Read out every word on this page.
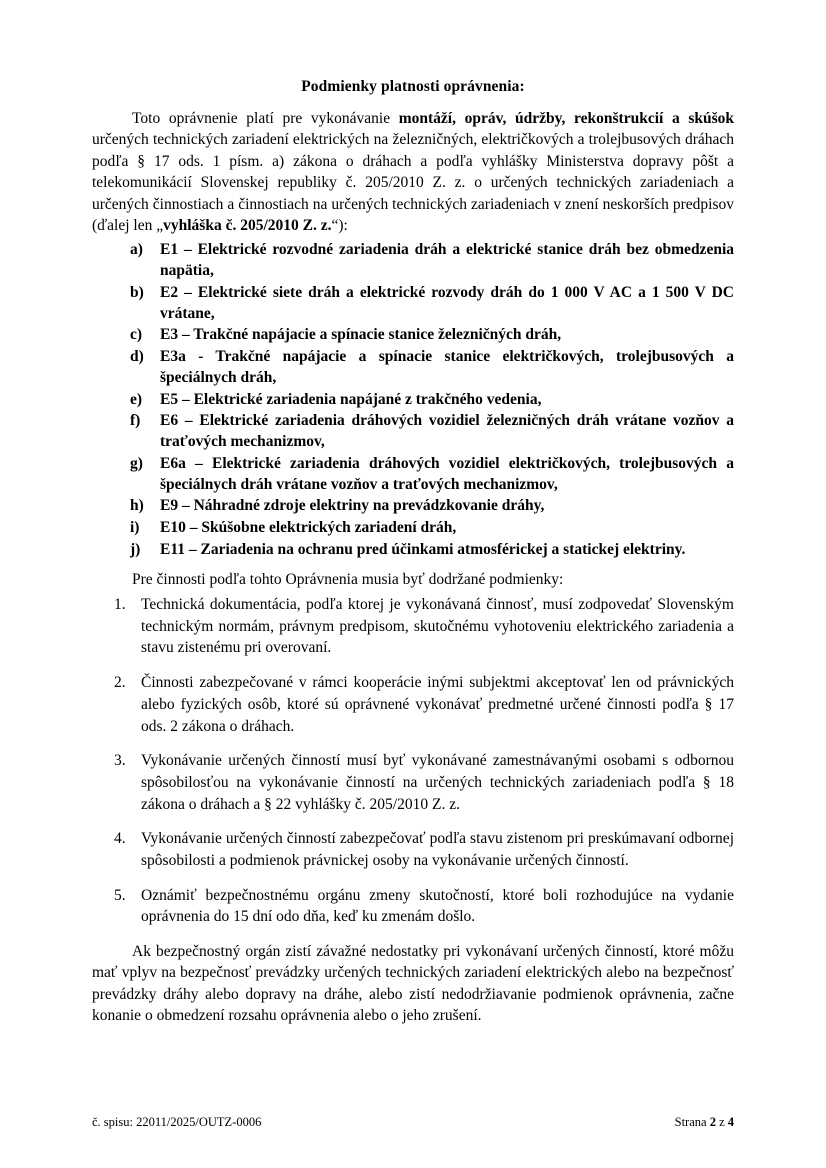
Podmienky platnosti oprávnenia:

Toto oprávnenie platí pre vykonávanie montáží, opráv, údržby, rekonštrukcií a skúšok určených technických zariadení elektrických na železničných, električkových a trolejbusových dráhach podľa § 17 ods. 1 písm. a) zákona o dráhach a podľa vyhlášky Ministerstva dopravy pôšt a telekomunikácií Slovenskej republiky č. 205/2010 Z. z. o určených technických zariadeniach a určených činnostiach a činnostiach na určených technických zariadeniach v znení neskorších predpisov (ďalej len „vyhláška č. 205/2010 Z. z.“):

a)	E1 – Elektrické rozvodné zariadenia dráh a elektrické stanice dráh bez obmedzenia napätia,
b)	E2 – Elektrické siete dráh a elektrické rozvody dráh do 1 000 V AC a 1 500 V DC vrátane,
c)	E3 – Trakčné napájacie a spínacie stanice železničných dráh,
d)	E3a - Trakčné napájacie a spínacie stanice električkových, trolejbusových a špeciálnych dráh,
e)	E5 – Elektrické zariadenia napájané z trakčného vedenia,
f)	E6 – Elektrické zariadenia dráhových vozidiel železničných dráh vrátane vozňov a traťových mechanizmov,
g)	E6a – Elektrické zariadenia dráhových vozidiel električkových, trolejbusových a špeciálnych dráh vrátane vozňov a traťových mechanizmov,
h)	E9 – Náhradné zdroje elektriny na prevádzkovanie dráhy,
i)	E10 – Skúšobne elektrických zariadení dráh,
j)	E11 – Zariadenia na ochranu pred účinkami atmosférickej a statickej elektriny.

Pre činnosti podľa tohto Oprávnenia musia byť dodržané podmienky:

1. Technická dokumentácia, podľa ktorej je vykonávaná činnosť, musí zodpovedať Slovenským technickým normám, právnym predpisom, skutočnému vyhotoveniu elektrického zariadenia a stavu zistenému pri overovaní.
2. Činnosti zabezpečované v rámci kooperácie inými subjektmi akceptovať len od právnických alebo fyzických osôb, ktoré sú oprávnené vykonávať predmetné určené činnosti podľa § 17 ods. 2 zákona o dráhach.
3. Vykonávanie určených činností musí byť vykonávané zamestnávanými osobami s odbornou spôsobilosťou na vykonávanie činností na určených technických zariadeniach podľa § 18 zákona o dráhach a § 22 vyhlášky č. 205/2010 Z. z.
4. Vykonávanie určených činností zabezpečovať podľa stavu zistenom pri preskúmavaní odbornej spôsobilosti a podmienok právnickej osoby na vykonávanie určených činností.
5. Oznámiť bezpečnostnému orgánu zmeny skutočností, ktoré boli rozhodujúce na vydanie oprávnenia do 15 dní odo dňa, keď ku zmenám došlo.

Ak bezpečnostný orgán zistí závažné nedostatky pri vykonávaní určených činností, ktoré môžu mať vplyv na bezpečnosť prevádzky určených technických zariadení elektrických alebo na bezpečnosť prevádzky dráhy alebo dopravy na dráhe, alebo zistí nedodržiavanie podmienok oprávnenia, začne konanie o obmedzení rozsahu oprávnenia alebo o jeho zrušení.

č. spisu: 22011/2025/OUTZ-0006	Strana 2 z 4
